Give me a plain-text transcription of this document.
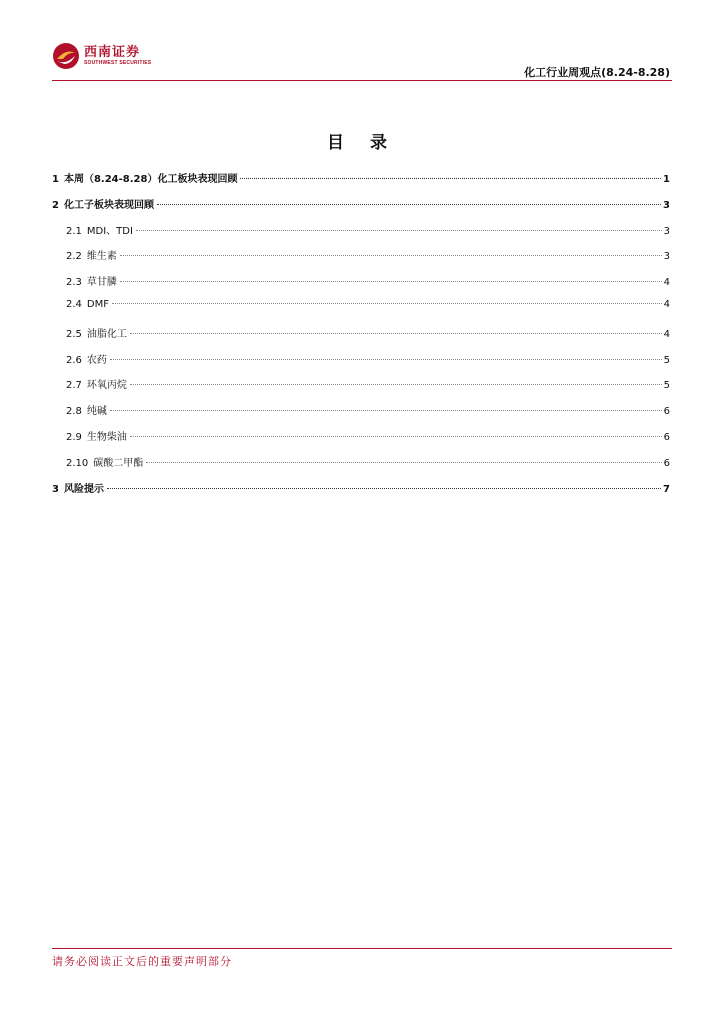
西南证券
SOUTHWEST SECURITIES
化工行业周观点(8.24-8.28)
目 录
1 本周（8.24-8.28）化工板块表现回顾	1
2 化工子板块表现回顾	3
2.1 MDI、TDI	3
2.2 维生素	3
2.3 草甘膦	4
2.4 DMF	4
2.5 油脂化工	4
2.6 农药	5
2.7 环氧丙烷	5
2.8 纯碱	6
2.9 生物柴油	6
2.10 碳酸二甲酯	6
3 风险提示	7
请务必阅读正文后的重要声明部分
